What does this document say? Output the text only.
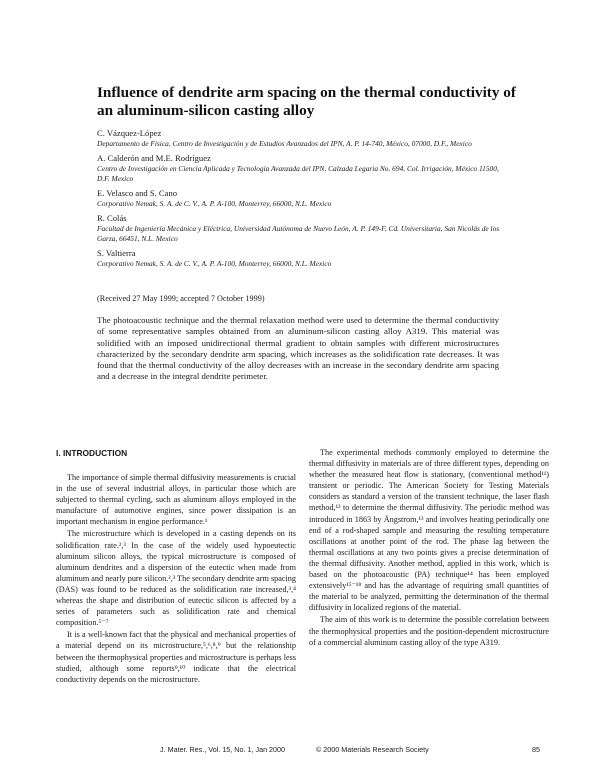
Influence of dendrite arm spacing on the thermal conductivity of an aluminum-silicon casting alloy
C. Vázquez-López
Departamento de Física, Centro de Investigación y de Estudios Avanzados del IPN, A. P. 14-740, México, 07000, D.F., Mexico
A. Calderón and M.E. Rodríguez
Centro de Investigación en Ciencia Aplicada y Tecnología Avanzada del IPN, Calzada Legaria No. 694, Col. Irrigación, México 11500, D.F. Mexico
E. Velasco and S. Cano
Corporativo Nemak, S. A. de C. V., A. P. A-100, Monterrey, 66000, N.L. Mexico
R. Colás
Facultad de Ingeniería Mecánica y Eléctrica, Universidad Autónoma de Nuevo León, A. P. 149-F, Cd. Universitaria, San Nicolás de los Garza, 66451, N.L. Mexico
S. Valtierra
Corporativo Nemak, S. A. de C. V., A. P. A-100, Monterrey, 66000, N.L. Mexico
(Received 27 May 1999; accepted 7 October 1999)
The photoacoustic technique and the thermal relaxation method were used to determine the thermal conductivity of some representative samples obtained from an aluminum-silicon casting alloy A319. This material was solidified with an imposed unidirectional thermal gradient to obtain samples with different microstructures characterized by the secondary dendrite arm spacing, which increases as the solidification rate decreases. It was found that the thermal conductivity of the alloy decreases with an increase in the secondary dendrite arm spacing and a decrease in the integral dendrite perimeter.
I. INTRODUCTION

The importance of simple thermal diffusivity measurements is crucial in the use of several industrial alloys, in particular those which are subjected to thermal cycling, such as aluminum alloys employed in the manufacture of automotive engines, since power dissipation is an important mechanism in engine performance.¹

The microstructure which is developed in a casting depends on its solidification rate.²,³ In the case of the widely used hypoeutectic aluminum silicon alloys, the typical microstructure is composed of aluminum dendrites and a dispersion of the eutectic when made from aluminum and nearly pure silicon.²,³ The secondary dendrite arm spacing (DAS) was found to be reduced as the solidification rate increased,³,⁴ whereas the shape and distribution of eutectic silicon is affected by a series of parameters such as solidification rate and chemical composition.⁵⁻⁷

It is a well-known fact that the physical and mechanical properties of a material depend on its microstructure,⁵,⁶,⁸,⁹ but the relationship between the thermophysical properties and microstructure is perhaps less studied, although some reports⁹,¹⁰ indicate that the electrical conductivity depends on the microstructure.

The experimental methods commonly employed to determine the thermal diffusivity in materials are of three different types, depending on whether the measured heat flow is stationary, (conventional method¹¹) transient or periodic. The American Society for Testing Materials considers as standard a version of the transient technique, the laser flash method,¹² to determine the thermal diffusivity. The periodic method was introduced in 1863 by Ångstrom,¹³ and involves heating periodically one end of a rod-shaped sample and measuring the resulting temperature oscillations at another point of the rod. The phase lag between the thermal oscillations at any two points gives a precise determination of the thermal diffusivity. Another method, applied in this work, which is based on the photoacoustic (PA) technique¹⁴ has been employed extensively¹⁵⁻¹⁸ and has the advantage of requiring small quantities of the material to be analyzed, permitting the determination of the thermal diffusivity in localized regions of the material.

The aim of this work is to determine the possible correlation between the thermophysical properties and the position-dependent microstructure of a commercial aluminum casting alloy of the type A319.

J. Mater. Res., Vol. 15, No. 1, Jan 2000	© 2000 Materials Research Society	85
